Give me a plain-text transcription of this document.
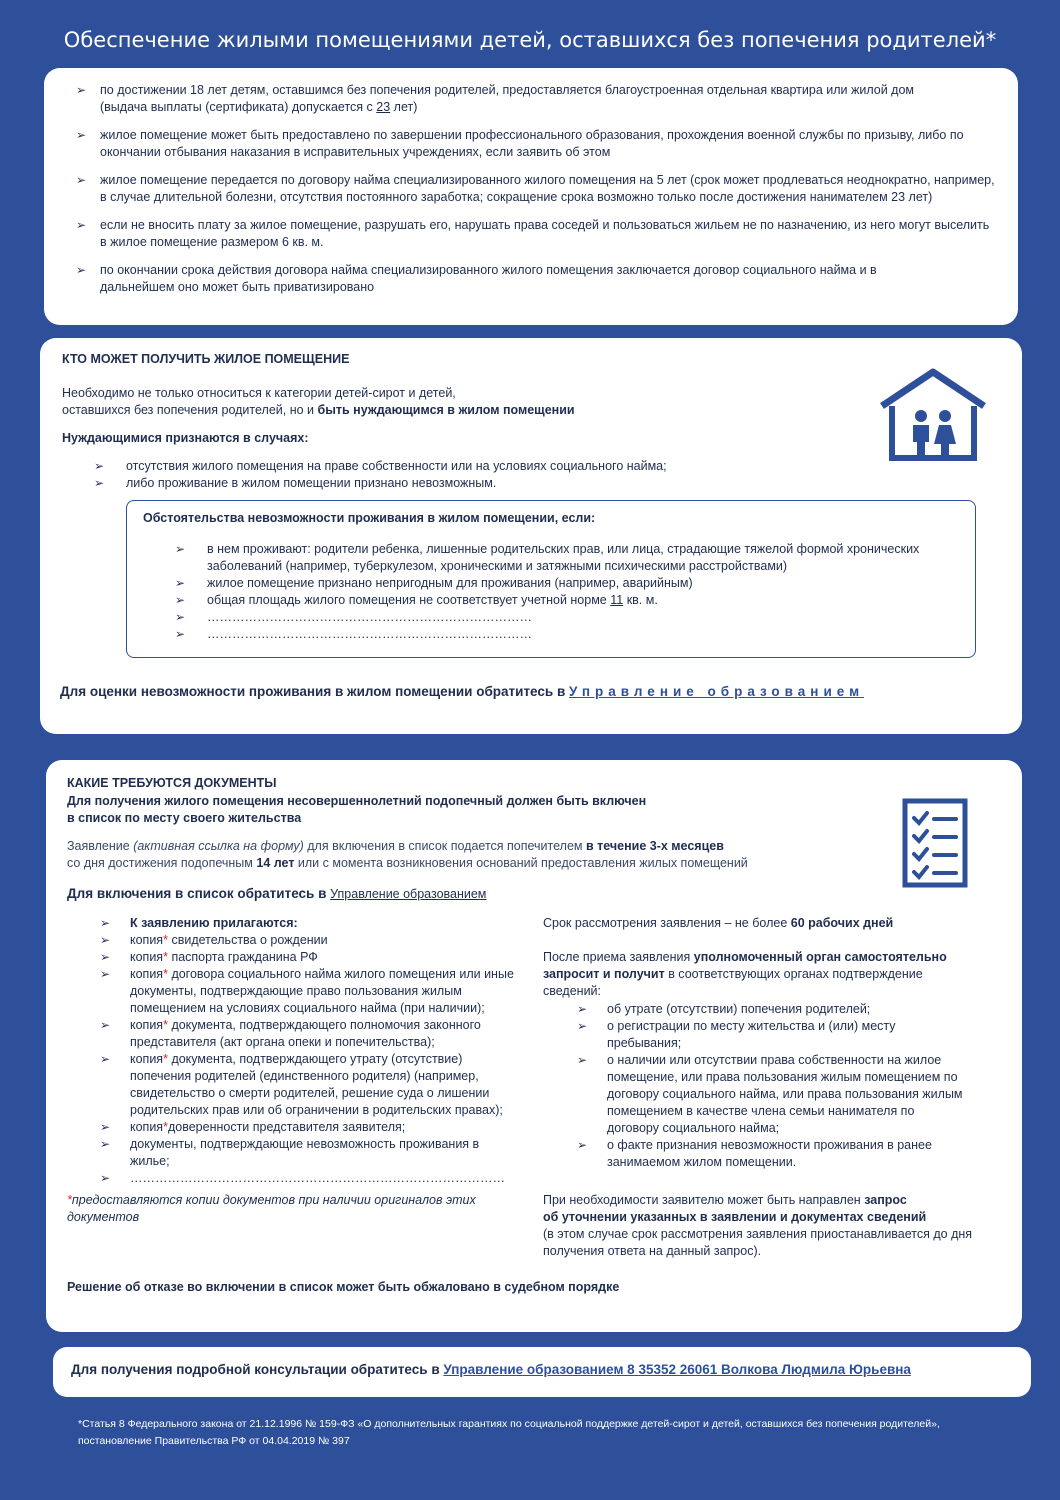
Обеспечение жилыми помещениями детей, оставшихся без попечения родителей*
➢ по достижении 18 лет детям, оставшимся без попечения родителей, предоставляется благоустроенная отдельная квартира или жилой дом
(выдача выплаты (сертификата) допускается с 23 лет)
➢ жилое помещение может быть предоставлено по завершении профессионального образования, прохождения военной службы по призыву, либо по окончании отбывания наказания в исправительных учреждениях, если заявить об этом
➢ жилое помещение передается по договору найма специализированного жилого помещения на 5 лет (срок может продлеваться неоднократно, например, в случае длительной болезни, отсутствия постоянного заработка; сокращение срока возможно только после достижения нанимателем 23 лет)
➢ если не вносить плату за жилое помещение, разрушать его, нарушать права соседей и пользоваться жильем не по назначению, из него могут выселить в жилое помещение размером 6 кв. м.
➢ по окончании срока действия договора найма специализированного жилого помещения заключается договор социального найма и в дальнейшем оно может быть приватизировано
КТО МОЖЕТ ПОЛУЧИТЬ ЖИЛОЕ ПОМЕЩЕНИЕ
Необходимо не только относиться к категории детей-сирот и детей,
оставшихся без попечения родителей, но и быть нуждающимся в жилом помещении
Нуждающимися признаются в случаях:
➢ отсутствия жилого помещения на праве собственности или на условиях социального найма;
➢ либо проживание в жилом помещении признано невозможным.
Обстоятельства невозможности проживания в жилом помещении, если:
➢ в нем проживают: родители ребенка, лишенные родительских прав, или лица, страдающие тяжелой формой хронических заболеваний (например, туберкулезом, хроническими и затяжными психическими расстройствами)
➢ жилое помещение признано непригодным для проживания (например, аварийным)
➢ общая площадь жилого помещения не соответствует учетной норме 11 кв. м.
➢ ……………………………………………………………………
➢ ……………………………………………………………………
Для оценки невозможности проживания в жилом помещении обратитесь в Управление образованием
КАКИЕ ТРЕБУЮТСЯ ДОКУМЕНТЫ
Для получения жилого помещения несовершеннолетний подопечный должен быть включен
в список по месту своего жительства
Заявление (активная ссылка на форму) для включения в список подается попечителем в течение 3-х месяцев
со дня достижения подопечным 14 лет или с момента возникновения оснований предоставления жилых помещений
Для включения в список обратитесь в Управление образованием
➢ К заявлению прилагаются:
➢ копия* свидетельства о рождении
➢ копия* паспорта гражданина РФ
➢ копия* договора социального найма жилого помещения или иные документы, подтверждающие право пользования жилым помещением на условиях социального найма (при наличии);
➢ копия* документа, подтверждающего полномочия законного представителя (акт органа опеки и попечительства);
➢ копия* документа, подтверждающего утрату (отсутствие) попечения родителей (единственного родителя) (например, свидетельство о смерти родителей, решение суда о лишении родительских прав или об ограничении в родительских правах);
➢ копия*доверенности представителя заявителя;
➢ документы, подтверждающие невозможность проживания в жилье;
➢ ………………………………………………………………………………
*предоставляются копии документов при наличии оригиналов этих документов
Срок рассмотрения заявления – не более 60 рабочих дней
После приема заявления уполномоченный орган самостоятельно запросит и получит в соответствующих органах подтверждение сведений:
➢ об утрате (отсутствии) попечения родителей;
➢ о регистрации по месту жительства и (или) месту пребывания;
➢ о наличии или отсутствии права собственности на жилое помещение, или права пользования жилым помещением по договору социального найма, или права пользования жилым помещением в качестве члена семьи нанимателя по договору социального найма;
➢ о факте признания невозможности проживания в ранее занимаемом жилом помещении.
При необходимости заявителю может быть направлен запрос
об уточнении указанных в заявлении и документах сведений
(в этом случае срок рассмотрения заявления приостанавливается до дня получения ответа на данный запрос).
Решение об отказе во включении в список может быть обжаловано в судебном порядке
Для получения подробной консультации обратитесь в Управление образованием 8 35352 26061 Волкова Людмила Юрьевна
*Статья 8 Федерального закона от 21.12.1996 № 159-ФЗ «О дополнительных гарантиях по социальной поддержке детей-сирот и детей, оставшихся без попечения родителей», постановление Правительства РФ от 04.04.2019 № 397
